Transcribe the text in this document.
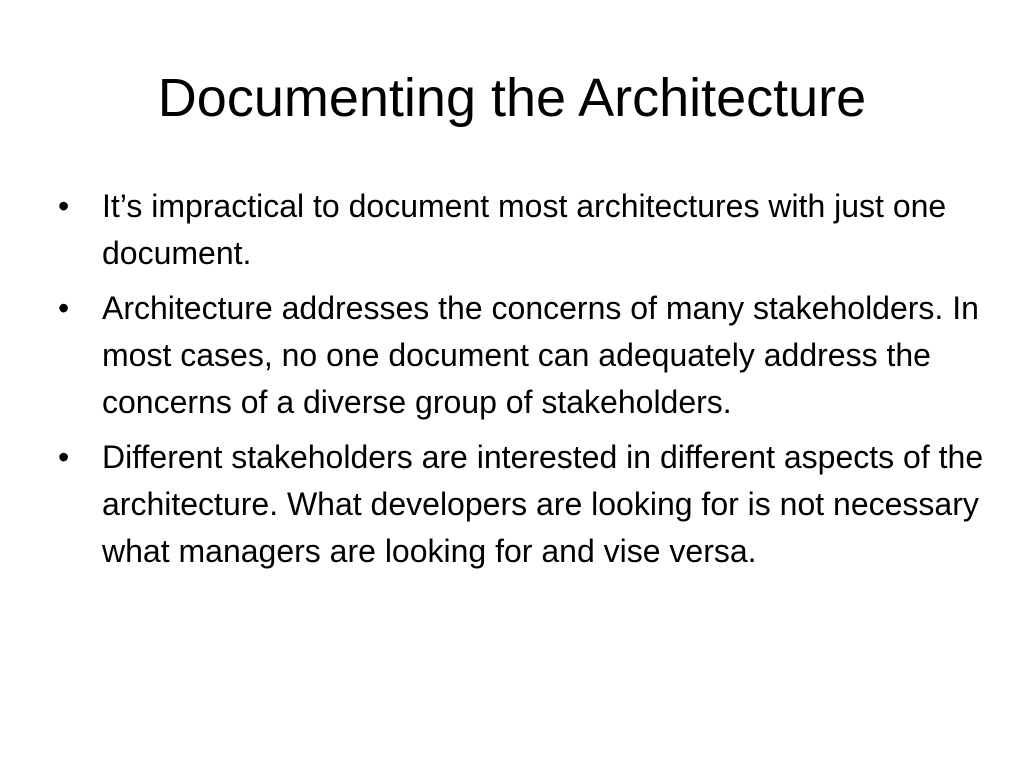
Documenting the Architecture
• It’s impractical to document most architectures with just one document.
• Architecture addresses the concerns of many stakeholders. In most cases, no one document can adequately address the concerns of a diverse group of stakeholders.
• Different stakeholders are interested in different aspects of the architecture. What developers are looking for is not necessary what managers are looking for and vise versa.
